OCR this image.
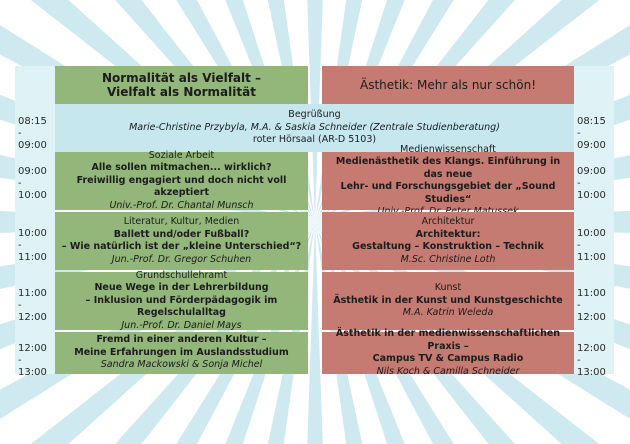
08:15 -
09:00
09:00 -
10:00
10:00 -
11:00
11:00 -
12:00
12:00 -
13:00
08:15 -
09:00
09:00 -
10:00
10:00 -
11:00
11:00 -
12:00
12:00 -
13:00
Normalität als Vielfalt –
Vielfalt als Normalität
Ästhetik: Mehr als nur schön!
Begrüßung
Marie-Christine Przybyla, M.A. & Saskia Schneider (Zentrale Studienberatung)
roter Hörsaal (AR-D 5103)
Soziale Arbeit
Alle sollen mitmachen... wirklich?
Freiwillig engagiert und doch nicht voll akzeptiert
Univ.-Prof. Dr. Chantal Munsch
Literatur, Kultur, Medien
Ballett und/oder Fußball?
– Wie natürlich ist der „kleine Unterschied“?
Jun.-Prof. Dr. Gregor Schuhen
Grundschullehramt
Neue Wege in der Lehrerbildung
– Inklusion und Förderpädagogik im Regelschulalltag
Jun.-Prof. Dr. Daniel Mays
Fremd in einer anderen Kultur –
Meine Erfahrungen im Auslandsstudium
Sandra Mackowski & Sonja Michel
Medienwissenschaft
Medienästhetik des Klangs. Einführung in das neue
Lehr- und Forschungsgebiet der „Sound Studies“
Architektur
Architektur:
Gestaltung – Konstruktion – Technik
M.Sc. Christine Loth
Kunst
Ästhetik in der Kunst und Kunstgeschichte
M.A. Katrin Weleda
Ästhetik in der medienwissenschaftlichen Praxis –
Campus TV & Campus Radio
Nils Koch & Camilla Schneider
